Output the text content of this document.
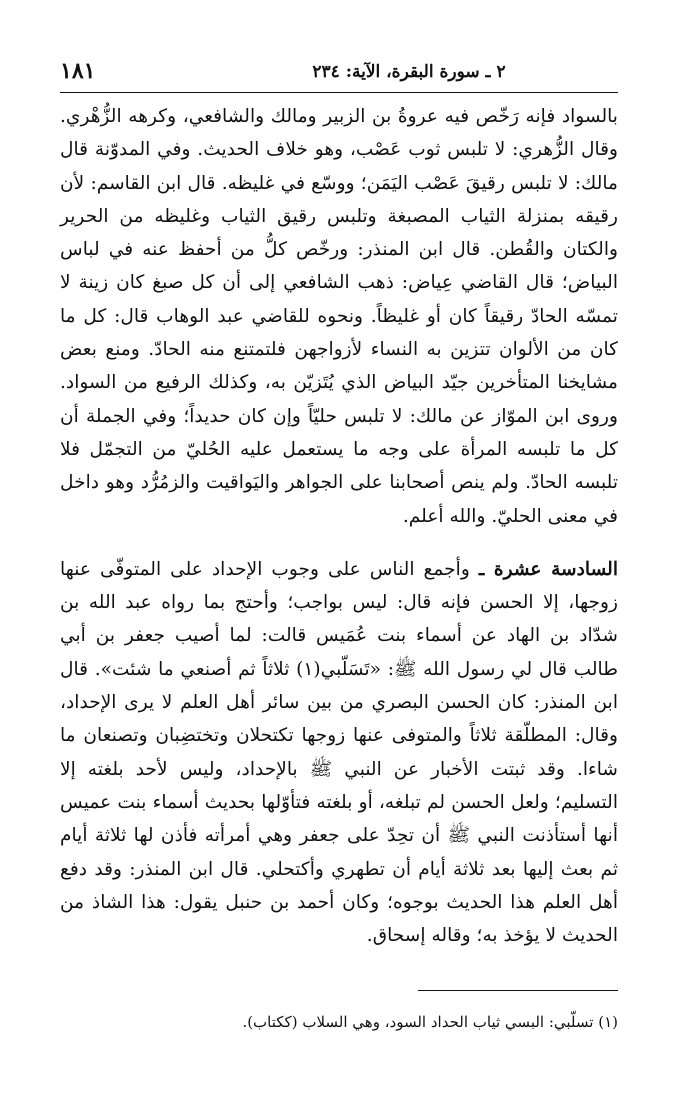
١٨١	٢ ـ سورة البقرة، الآية: ٢٣٤

بالسواد فإنه رَخّص فيه عروةُ بن الزبير ومالك والشافعي، وكرهه الزُّهْري. وقال الزُّهري: لا تلبس ثوب عَصْب، وهو خلاف الحديث. وفي المدوّنة قال مالك: لا تلبس رقيقَ عَصْب اليَمَن؛ ووسّع في غليظه. قال ابن القاسم: لأن رقيقه بمنزلة الثياب المصبغة وتلبس رقيق الثياب وغليظه من الحرير والكتان والقُطن. قال ابن المنذر: ورخّص كلُّ من أحفظ عنه في لباس البياض؛ قال القاضي عِياض: ذهب الشافعي إلى أن كل صبغ كان زينة لا تمسّه الحادّ رقيقاً كان أو غليظاً. ونحوه للقاضي عبد الوهاب قال: كل ما كان من الألوان تتزين به النساء لأزواجهن فلتمتنع منه الحادّ. ومنع بعض مشايخنا المتأخرين جيّد البياض الذي يُتَزيّن به، وكذلك الرفيع من السواد. وروى ابن الموّاز عن مالك: لا تلبس حليّاً وإن كان حديداً؛ وفي الجملة أن كل ما تلبسه المرأة على وجه ما يستعمل عليه الحُليّ من التجمّل فلا تلبسه الحادّ. ولم ينص أصحابنا على الجواهر واليَواقيت والزمُرُّد وهو داخل في معنى الحليّ. والله أعلم.

السادسة عشرة ـ وأجمع الناس على وجوب الإحداد على المتوفّى عنها زوجها، إلا الحسن فإنه قال: ليس بواجب؛ وأحتج بما رواه عبد الله بن شدّاد بن الهاد عن أسماء بنت عُمَيس قالت: لما أصيب جعفر بن أبي طالب قال لي رسول الله ﷺ: «تَسَلّبي(١) ثلاثاً ثم أصنعي ما شئت». قال ابن المنذر: كان الحسن البصري من بين سائر أهل العلم لا يرى الإحداد، وقال: المطلّقة ثلاثاً والمتوفى عنها زوجها تكتحلان وتختضِبان وتصنعان ما شاءا. وقد ثبتت الأخبار عن النبي ﷺ بالإحداد، وليس لأحد بلغته إلا التسليم؛ ولعل الحسن لم تبلغه، أو بلغته فتأوّلها بحديث أسماء بنت عميس أنها أستأذنت النبي ﷺ أن تحِدّ على جعفر وهي أمرأته فأذن لها ثلاثة أيام ثم بعث إليها بعد ثلاثة أيام أن تطهري وأكتحلي. قال ابن المنذر: وقد دفع أهل العلم هذا الحديث بوجوه؛ وكان أحمد بن حنبل يقول: هذا الشاذ من الحديث لا يؤخذ به؛ وقاله إسحاق.

(١) تسلّبي: البسي ثياب الحداد السود، وهي السلاب (ككتاب).
